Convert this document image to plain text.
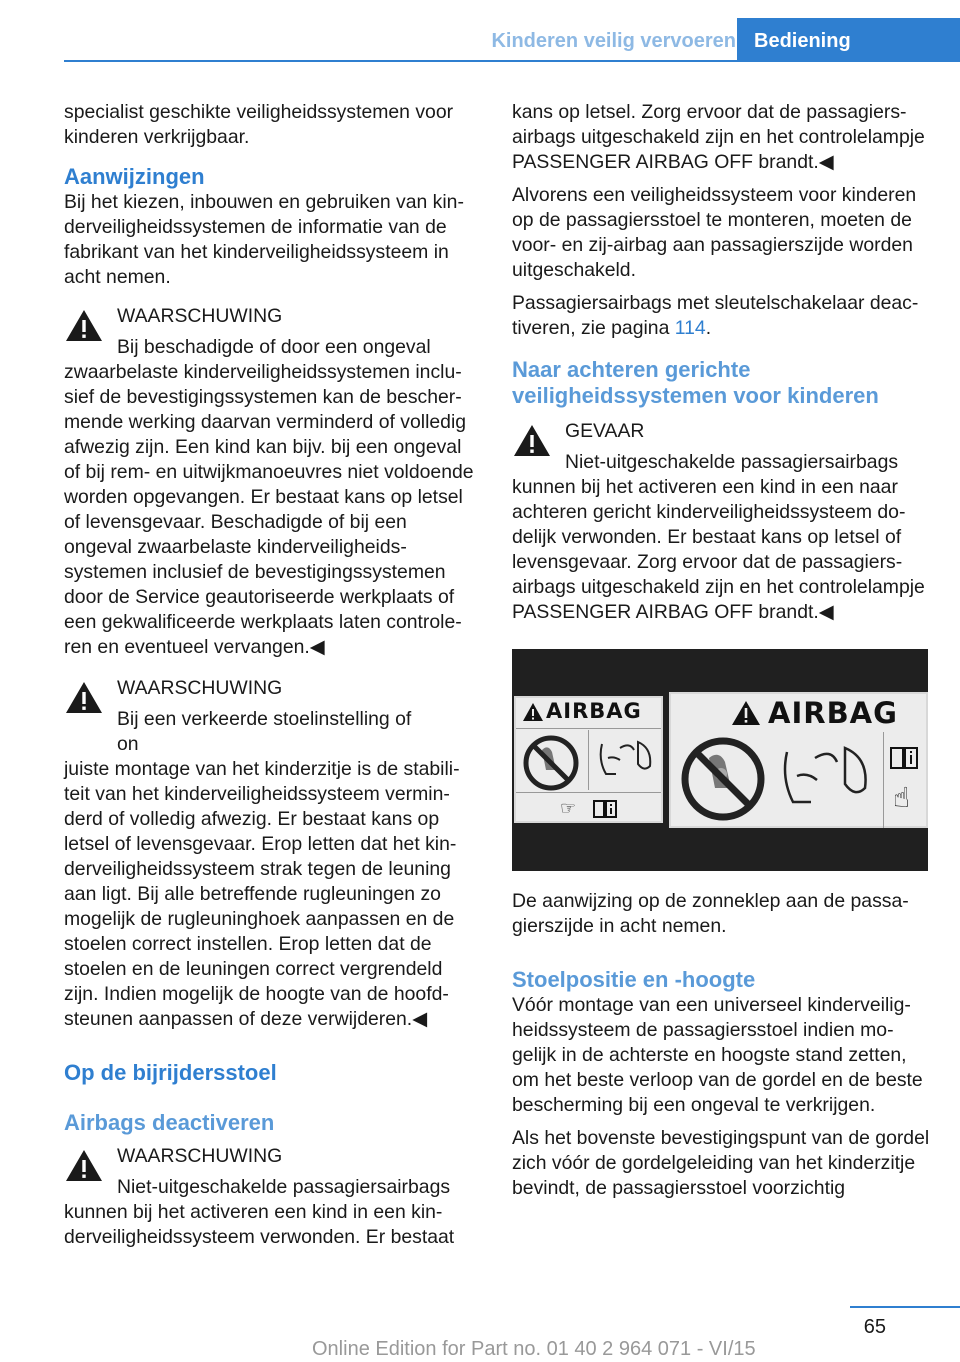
Kinderen veilig vervoeren Bediening

specialist geschikte veiligheidssystemen voor kinderen verkrijgbaar.

Aanwijzingen

Bij het kiezen, inbouwen en gebruiken van kinderveiligheidssystemen de informatie van de fabrikant van het kinderveiligheidssysteem in acht nemen.

WAARSCHUWING
Bij beschadigde of door een ongeval

zwaarbelaste kinderveiligheidssystemen inclusief de bevestigingssystemen kan de beschermende werking daarvan verminderd of volledig afwezig zijn. Een kind kan bijv. bij een ongeval of bij rem- en uitwijkmanoeuvres niet voldoende worden opgevangen. Er bestaat kans op letsel of levensgevaar. Beschadigde of bij een ongeval zwaarbelaste kinderveiligheidssystemen inclusief de bevestigingssystemen door de Service geautoriseerde werkplaats of een gekwalificeerde werkplaats laten controleren en eventueel vervangen.◀

WAARSCHUWING
Bij een verkeerde stoelinstelling of on

juiste montage van het kinderzitje is de stabiliteit van het kinderveiligheidssysteem verminderd of volledig afwezig. Er bestaat kans op letsel of levensgevaar. Erop letten dat het kinderveiligheidssysteem strak tegen de leuning aan ligt. Bij alle betreffende rugleuningen zo mogelijk de rugleuninghoek aanpassen en de stoelen correct instellen. Erop letten dat de stoelen en de leuningen correct vergrendeld zijn. Indien mogelijk de hoogte van de hoofdsteunen aanpassen of deze verwijderen.◀

Op de bijrijdersstoel
Airbags deactiveren
WAARSCHUWING
Niet-uitgeschakelde passagiersairbags

kunnen bij het activeren een kind in een kinderveiligheidssysteem verwonden. Er bestaat

kans op letsel. Zorg ervoor dat de passagiersairbags uitgeschakeld zijn en het controlelampje PASSENGER AIRBAG OFF brandt.◀

Alvorens een veiligheidssysteem voor kinderen op de passagiersstoel te monteren, moeten de voor- en zij-airbag aan passagierszijde worden uitgeschakeld.

Passagiersairbags met sleutelschakelaar deactiveren, zie pagina 114.

Naar achteren gerichte veiligheidssystemen voor kinderen
GEVAAR
Niet-uitgeschakelde passagiersairbags

kunnen bij het activeren een kind in een naar achteren gericht kinderveiligheidssysteem dodelijk verwonden. Er bestaat kans op letsel of levensgevaar. Zorg ervoor dat de passagiersairbags uitgeschakeld zijn en het controlelampje PASSENGER AIRBAG OFF brandt.◀

AIRBAG
☞
AIRBAG
☝

De aanwijzing op de zonneklep aan de passagierszijde in acht nemen.

Stoelpositie en -hoogte

Vóór montage van een universeel kinderveiligheidssysteem de passagiersstoel indien mogelijk in de achterste en hoogste stand zetten, om het beste verloop van de gordel en de beste bescherming bij een ongeval te verkrijgen.

Als het bovenste bevestigingspunt van de gordel zich vóór de gordelgeleiding van het kinderzitje bevindt, de passagiersstoel voorzichtig

65
Online Edition for Part no. 01 40 2 964 071 - VI/15
